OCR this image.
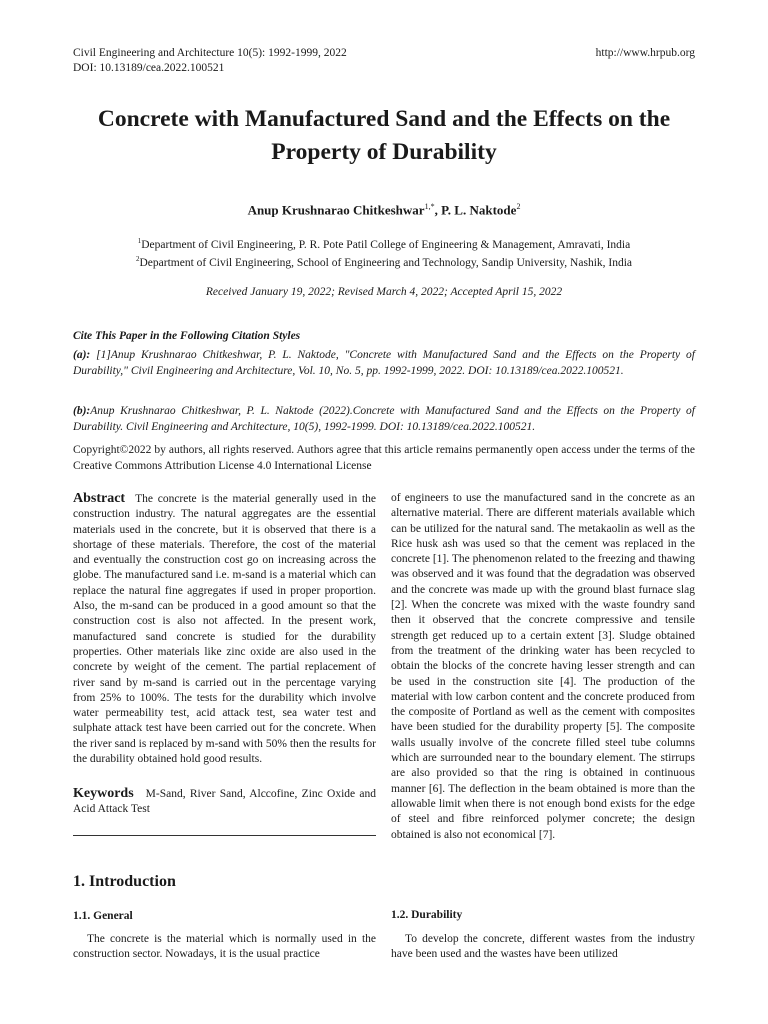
Civil Engineering and Architecture 10(5): 1992-1999, 2022
DOI: 10.13189/cea.2022.100521
http://www.hrpub.org
Concrete with Manufactured Sand and the Effects on the
Property of Durability
Anup Krushnarao Chitkeshwar$^{1,*}$, P. L. Naktode$^2$
$^1$Department of Civil Engineering, P. R. Pote Patil College of Engineering & Management, Amravati, India
$^2$Department of Civil Engineering, School of Engineering and Technology, Sandip University, Nashik, India
Received January 19, 2022; Revised March 4, 2022; Accepted April 15, 2022
Cite This Paper in the Following Citation Styles
(a): [1]Anup Krushnarao Chitkeshwar, P. L. Naktode, "Concrete with Manufactured Sand and the Effects on the Property of Durability," Civil Engineering and Architecture, Vol. 10, No. 5, pp. 1992-1999, 2022. DOI: 10.13189/cea.2022.100521.
(b):Anup Krushnarao Chitkeshwar, P. L. Naktode (2022).Concrete with Manufactured Sand and the Effects on the Property of Durability. Civil Engineering and Architecture, 10(5), 1992-1999. DOI: 10.13189/cea.2022.100521.
Copyright©2022 by authors, all rights reserved. Authors agree that this article remains permanently open access under the terms of the Creative Commons Attribution License 4.0 International License
Abstract The concrete is the material generally used in the construction industry. The natural aggregates are the essential materials used in the concrete, but it is observed that there is a shortage of these materials. Therefore, the cost of the material and eventually the construction cost go on increasing across the globe. The manufactured sand i.e. m-sand is a material which can replace the natural fine aggregates if used in proper proportion. Also, the m-sand can be produced in a good amount so that the construction cost is also not affected. In the present work, manufactured sand concrete is studied for the durability properties. Other materials like zinc oxide are also used in the concrete by weight of the cement. The partial replacement of river sand by m-sand is carried out in the percentage varying from 25% to 100%. The tests for the durability which involve water permeability test, acid attack test, sea water test and sulphate attack test have been carried out for the concrete. When the river sand is replaced by m-sand with 50% then the results for the durability obtained hold good results.
Keywords M-Sand, River Sand, Alccofine, Zinc Oxide and Acid Attack Test
1. Introduction
1.1. General
The concrete is the material which is normally used in the construction sector. Nowadays, it is the usual practice
of engineers to use the manufactured sand in the concrete as an alternative material. There are different materials available which can be utilized for the natural sand. The metakaolin as well as the Rice husk ash was used so that the cement was replaced in the concrete [1]. The phenomenon related to the freezing and thawing was observed and it was found that the degradation was observed and the concrete was made up with the ground blast furnace slag [2]. When the concrete was mixed with the waste foundry sand then it observed that the concrete compressive and tensile strength get reduced up to a certain extent [3]. Sludge obtained from the treatment of the drinking water has been recycled to obtain the blocks of the concrete having lesser strength and can be used in the construction site [4]. The production of the material with low carbon content and the concrete produced from the composite of Portland as well as the cement with composites have been studied for the durability property [5]. The composite walls usually involve of the concrete filled steel tube columns which are surrounded near to the boundary element. The stirrups are also provided so that the ring is obtained in continuous manner [6]. The deflection in the beam obtained is more than the allowable limit when there is not enough bond exists for the edge of steel and fibre reinforced polymer concrete; the design obtained is also not economical [7].
1.2. Durability
To develop the concrete, different wastes from the industry have been used and the wastes have been utilized
